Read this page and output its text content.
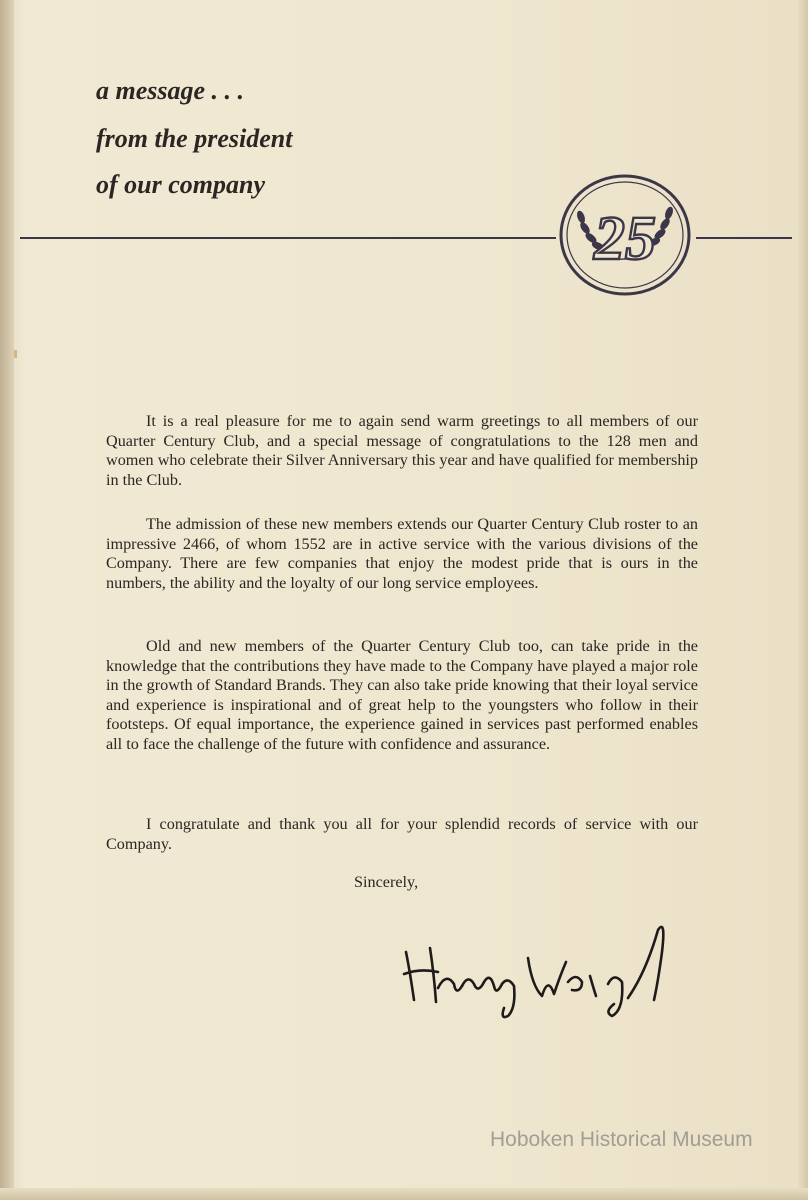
a message . . .
from the president
of our company
25

It is a real pleasure for me to again send warm greetings to all members of our Quarter Century Club, and a special message of congratulations to the 128 men and women who celebrate their Silver Anniversary this year and have qualified for membership in the Club.

The admission of these new members extends our Quarter Century Club roster to an impressive 2466, of whom 1552 are in active service with the various divisions of the Company. There are few companies that enjoy the modest pride that is ours in the numbers, the ability and the loyalty of our long service employees.

Old and new members of the Quarter Century Club too, can take pride in the knowledge that the contributions they have made to the Company have played a major role in the growth of Standard Brands. They can also take pride knowing that their loyal service and experience is inspirational and of great help to the youngsters who follow in their footsteps. Of equal importance, the experience gained in services past performed enables all to face the challenge of the future with confidence and assurance.

I congratulate and thank you all for your splendid records of service with our Company.

Sincerely,
Hoboken Historical Museum
